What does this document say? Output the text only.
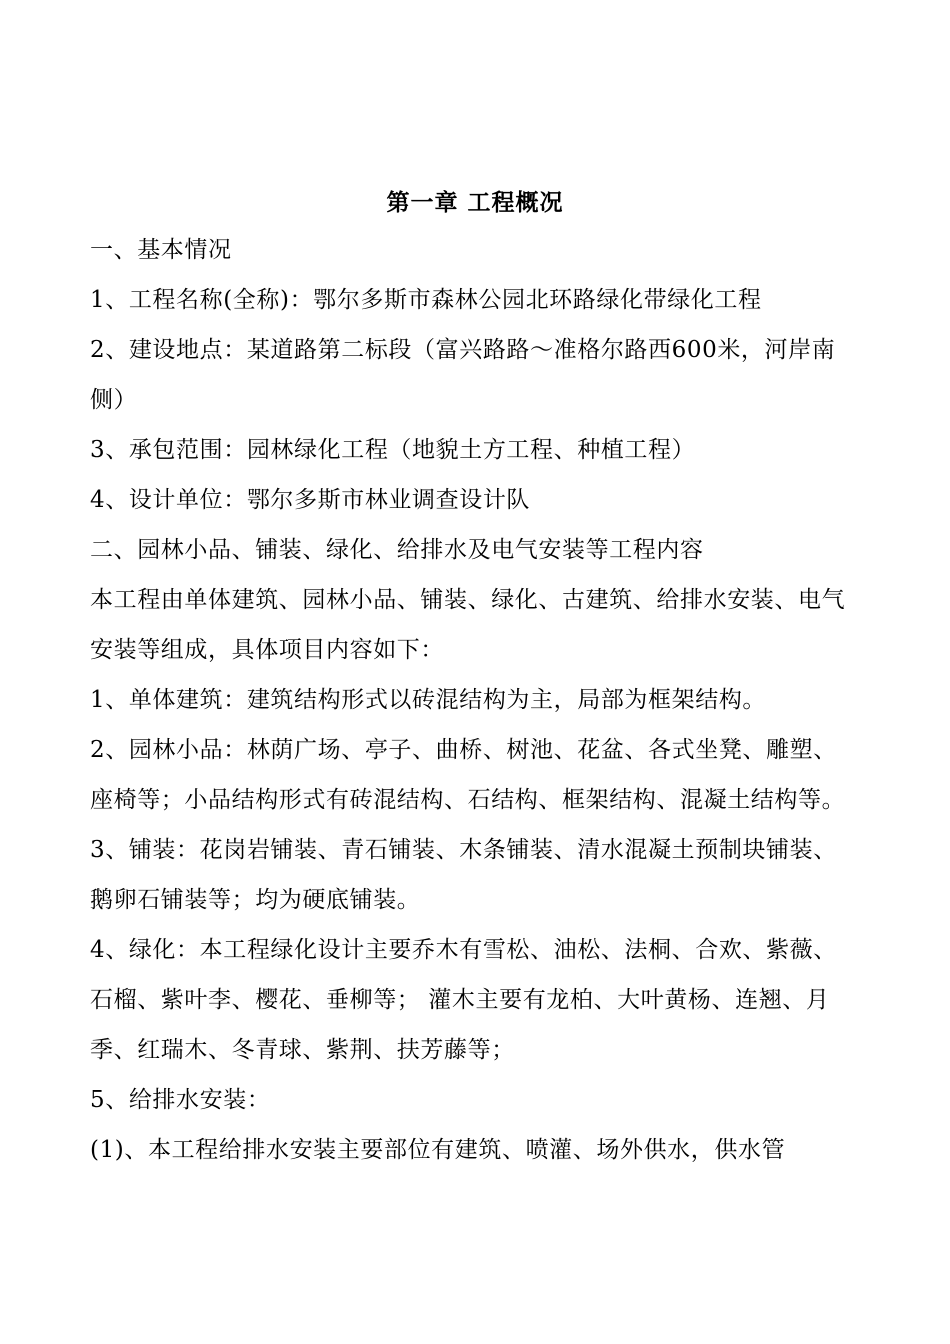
第一章 工程概况

一、基本情况

1、工程名称(全称)：鄂尔多斯市森林公园北环路绿化带绿化工程

2、建设地点：某道路第二标段（富兴路路～准格尔路西600米，河岸南侧）

3、承包范围：园林绿化工程（地貌土方工程、种植工程）

4、设计单位：鄂尔多斯市林业调查设计队

二、园林小品、铺装、绿化、给排水及电气安装等工程内容

本工程由单体建筑、园林小品、铺装、绿化、古建筑、给排水安装、电气安装等组成，具体项目内容如下：

1、单体建筑：建筑结构形式以砖混结构为主，局部为框架结构。

2、园林小品：林荫广场、亭子、曲桥、树池、花盆、各式坐凳、雕塑、座椅等；小品结构形式有砖混结构、石结构、框架结构、混凝土结构等。

3、铺装：花岗岩铺装、青石铺装、木条铺装、清水混凝土预制块铺装、鹅卵石铺装等；均为硬底铺装。

4、绿化：本工程绿化设计主要乔木有雪松、油松、法桐、合欢、紫薇、石榴、紫叶李、樱花、垂柳等； 灌木主要有龙柏、大叶黄杨、连翘、月季、红瑞木、冬青球、紫荆、扶芳藤等；

5、给排水安装：

(1)、本工程给排水安装主要部位有建筑、喷灌、场外供水，供水管
